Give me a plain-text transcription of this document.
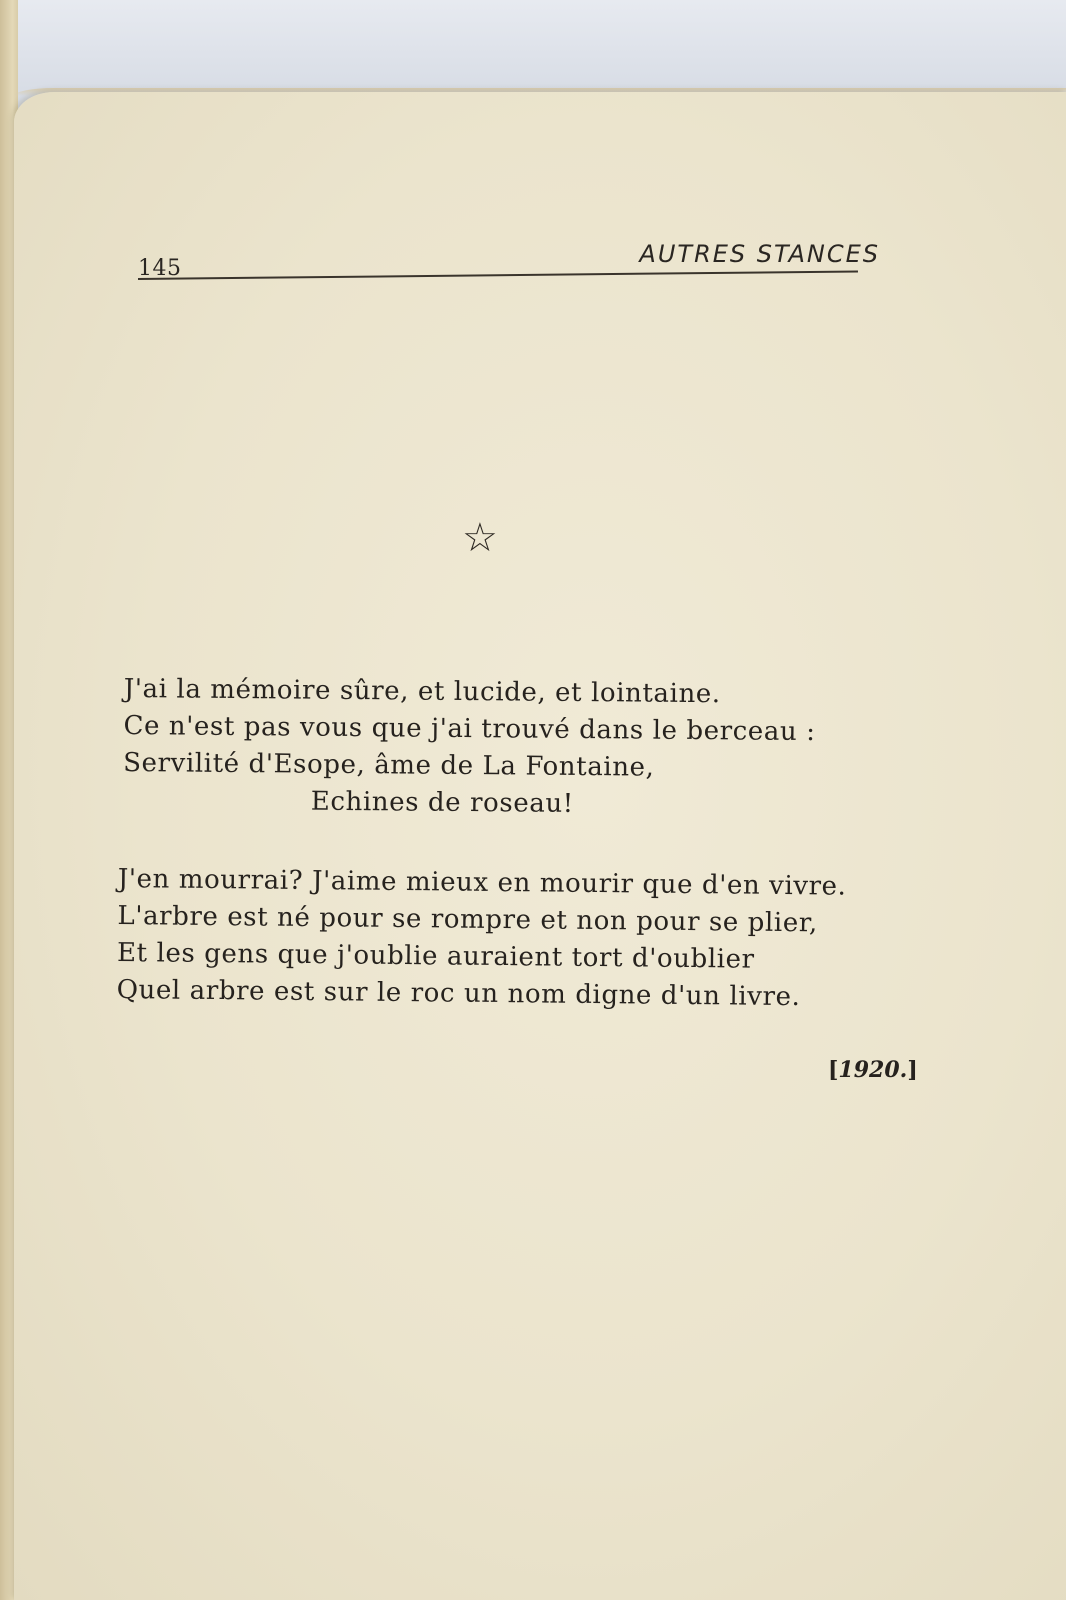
145
AUTRES STANCES
☆
J'ai la mémoire sûre, et lucide, et lointaine.
Ce n'est pas vous que j'ai trouvé dans le berceau :
Servilité d'Esope, âme de La Fontaine,
Echines de roseau!
J'en mourrai? J'aime mieux en mourir que d'en vivre.
L'arbre est né pour se rompre et non pour se plier,
Et les gens que j'oublie auraient tort d'oublier
Quel arbre est sur le roc un nom digne d'un livre.
[1920.]
